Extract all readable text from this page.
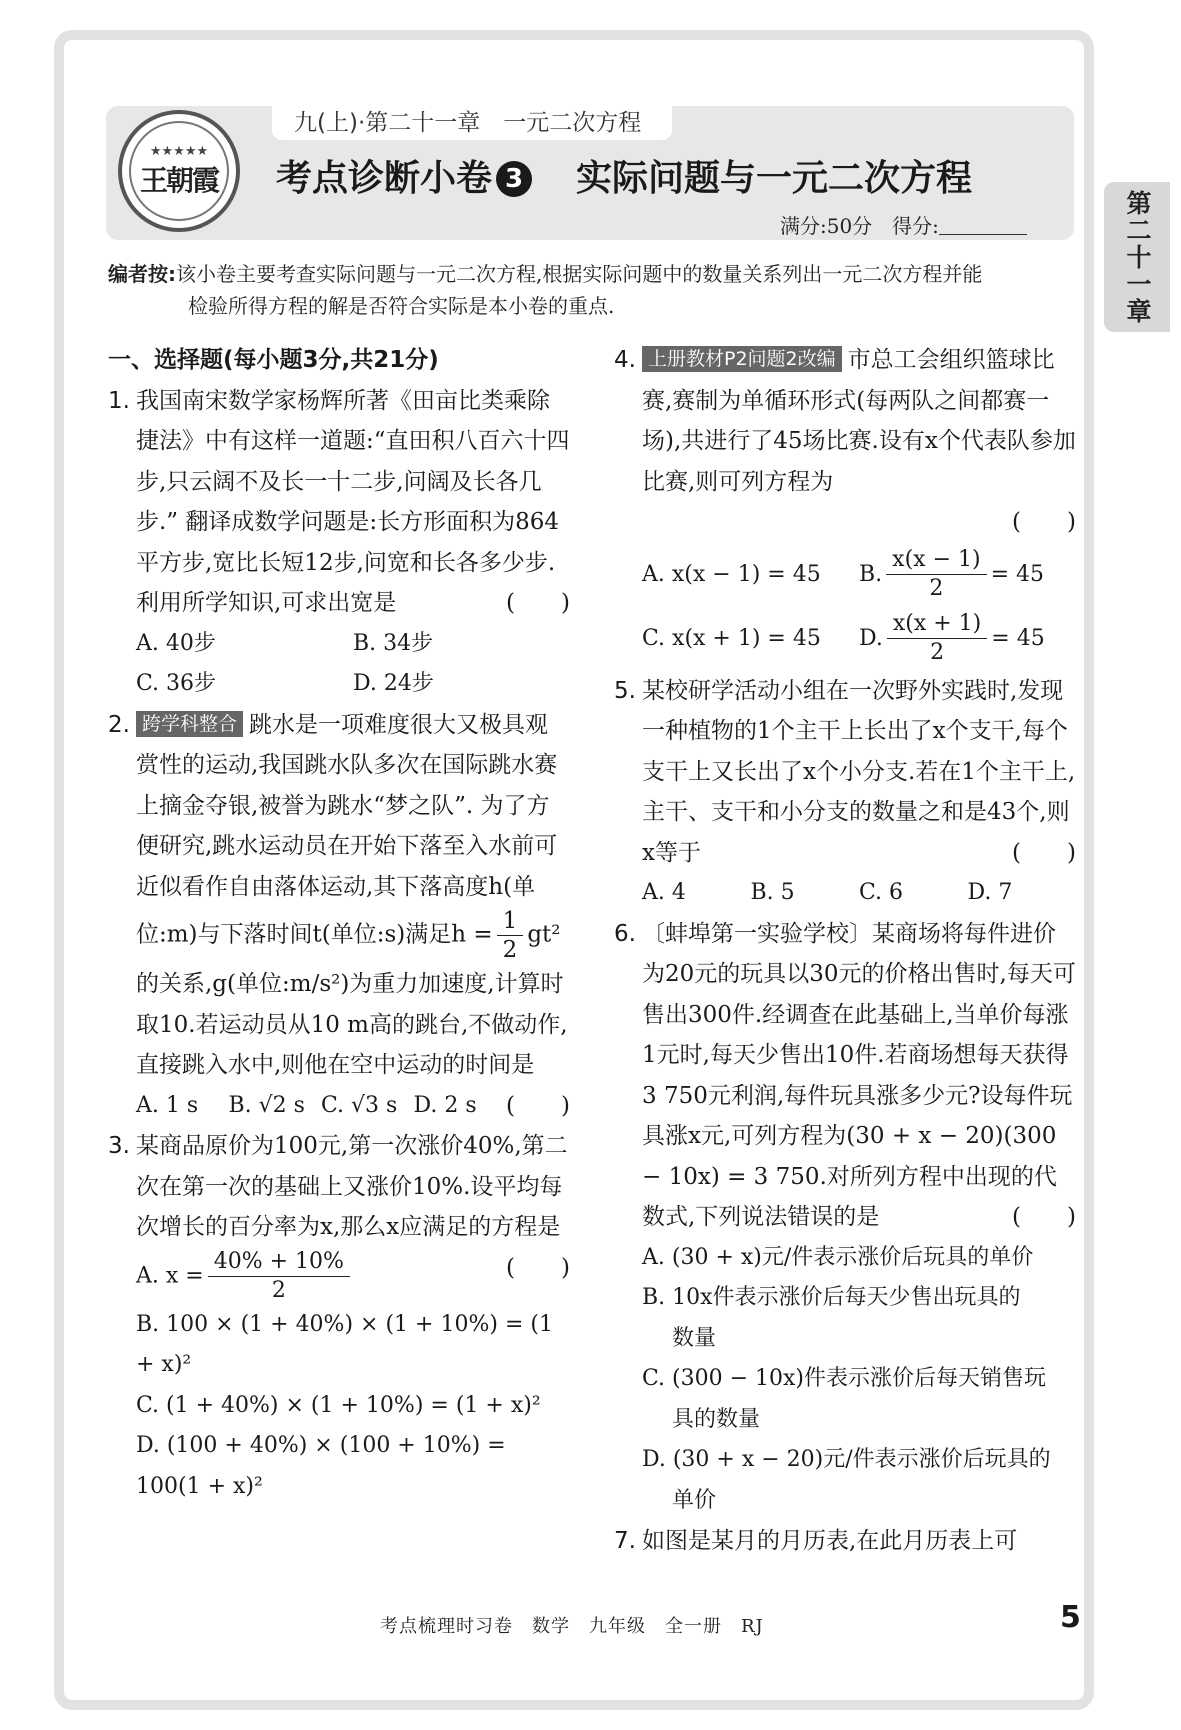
★★★★★
王朝霞
九(上)·第二十一章　一元二次方程
考点诊断小卷 3 实际问题与一元二次方程
满分:50分　得分:	第二十一章
编者按:该小卷主要考查实际问题与一元二次方程,根据实际问题中的数量关系列出一元二次方程并能
检验所得方程的解是否符合实际是本小卷的重点.
一、选择题(每小题3分,共21分)
1. 我国南宋数学家杨辉所著《田亩比类乘除捷法》中有这样一道题:“直田积八百六十四步,只云阔不及长一十二步,问阔及长各几步.” 翻译成数学问题是:长方形面积为864平方步,宽比长短12步,问宽和长各多少步.利用所学知识,可求出宽是	(　　)
A. 40步	B. 34步
C. 36步	D. 24步
2. 跨学科整合 跳水是一项难度很大又极具观赏性的运动,我国跳水队多次在国际跳水赛上摘金夺银,被誉为跳水“梦之队”. 为了方便研究,跳水运动员在开始下落至入水前可近似看作自由落体运动,其下落高度h(单位:m)与下落时间t(单位:s)满足$h = \frac{1}{2} gt^2$的关系,g(单位:m/s²)为重力加速度,计算时取10.若运动员从10 m高的跳台,不做动作,直接跳入水中,则他在空中运动的时间是
(　　)
A. 1 s	B. √2 s C. √3 s D. 2 s
3. 某商品原价为100元,第一次涨价40%,第二次在第一次的基础上又涨价10%.设平均每次增长的百分率为x,那么x应满足的方程是
(　　)
A. $x = \frac{40\% + 10\%}{2}$
B. 100 × (1 + 40%) × (1 + 10%) = (1 + x)²
C. (1 + 40%) × (1 + 10%) = (1 + x)²
D. (100 + 40%) × (100 + 10%) = 100(1 + x)²
4. 上册教材P2问题2改编 市总工会组织篮球比赛,赛制为单循环形式(每两队之间都赛一场),共进行了45场比赛.设有x个代表队参加比赛,则可列方程为
(　　)
A. x(x − 1) = 45	B. $\frac{x(x - 1)}{2} = 45$
C. x(x + 1) = 45	D. $\frac{x(x + 1)}{2} = 45$
5. 某校研学活动小组在一次野外实践时,发现一种植物的1个主干上长出了x个支干,每个支干上又长出了x个小分支.若在1个主干上,主干、支干和小分支的数量之和是43个,则x等于	(　　)
A. 4	B. 5	C. 6	D. 7
6. 〔蚌埠第一实验学校〕某商场将每件进价为20元的玩具以30元的价格出售时,每天可售出300件.经调查在此基础上,当单价每涨1元时,每天少售出10件.若商场想每天获得3 750元利润,每件玩具涨多少元?设每件玩具涨x元,可列方程为(30 + x − 20)(300 − 10x) = 3 750.对所列方程中出现的代数式,下列说法错误的是	(　　)
A. (30 + x)元/件表示涨价后玩具的单价
B. 10x件表示涨价后每天少售出玩具的
数量
C. (300 − 10x)件表示涨价后每天销售玩
具的数量
D. (30 + x − 20)元/件表示涨价后玩具的
单价
7. 如图是某月的月历表,在此月历表上可
考点梳理时习卷　数学　九年级　全一册　RJ	5
